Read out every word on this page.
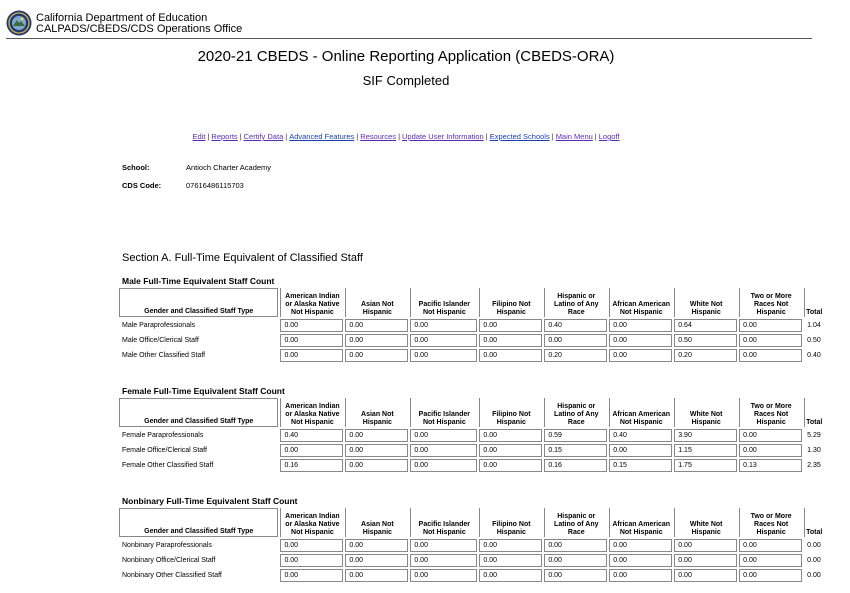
California Department of Education
CALPADS/CBEDS/CDS Operations Office
2020-21 CBEDS - Online Reporting Application (CBEDS-ORA)
SIF Completed
Edit | Reports | Certify Data | Advanced Features | Resources | Update User Information | Expected Schools | Main Menu | Logoff
School:	Antioch Charter Academy
CDS Code:	07616486115703
Section A. Full-Time Equivalent of Classified Staff
Male Full-Time Equivalent Staff Count
Gender and Classified Staff Type	American Indian or Alaska Native Not Hispanic	Asian Not Hispanic	Pacific Islander Not Hispanic	Filipino Not Hispanic	Hispanic or Latino of Any Race	African American Not Hispanic	White Not Hispanic	Two or More Races Not Hispanic	Total
Male Paraprofessionals	0.00	0.00	0.00	0.00	0.40	0.00	0.64	0.00	1.04
Male Office/Clerical Staff	0.00	0.00	0.00	0.00	0.00	0.00	0.50	0.00	0.50
Male Other Classified Staff	0.00	0.00	0.00	0.00	0.20	0.00	0.20	0.00	0.40
Female Full-Time Equivalent Staff Count
Gender and Classified Staff Type	American Indian or Alaska Native Not Hispanic	Asian Not Hispanic	Pacific Islander Not Hispanic	Filipino Not Hispanic	Hispanic or Latino of Any Race	African American Not Hispanic	White Not Hispanic	Two or More Races Not Hispanic	Total
Female Paraprofessionals	0.40	0.00	0.00	0.00	0.59	0.40	3.90	0.00	5.29
Female Office/Clerical Staff	0.00	0.00	0.00	0.00	0.15	0.00	1.15	0.00	1.30
Female Other Classified Staff	0.16	0.00	0.00	0.00	0.16	0.15	1.75	0.13	2.35
Nonbinary Full-Time Equivalent Staff Count
Gender and Classified Staff Type	American Indian or Alaska Native Not Hispanic	Asian Not Hispanic	Pacific Islander Not Hispanic	Filipino Not Hispanic	Hispanic or Latino of Any Race	African American Not Hispanic	White Not Hispanic	Two or More Races Not Hispanic	Total
Nonbinary Paraprofessionals	0.00	0.00	0.00	0.00	0.00	0.00	0.00	0.00	0.00
Nonbinary Office/Clerical Staff	0.00	0.00	0.00	0.00	0.00	0.00	0.00	0.00	0.00
Nonbinary Other Classified Staff	0.00	0.00	0.00	0.00	0.00	0.00	0.00	0.00	0.00
